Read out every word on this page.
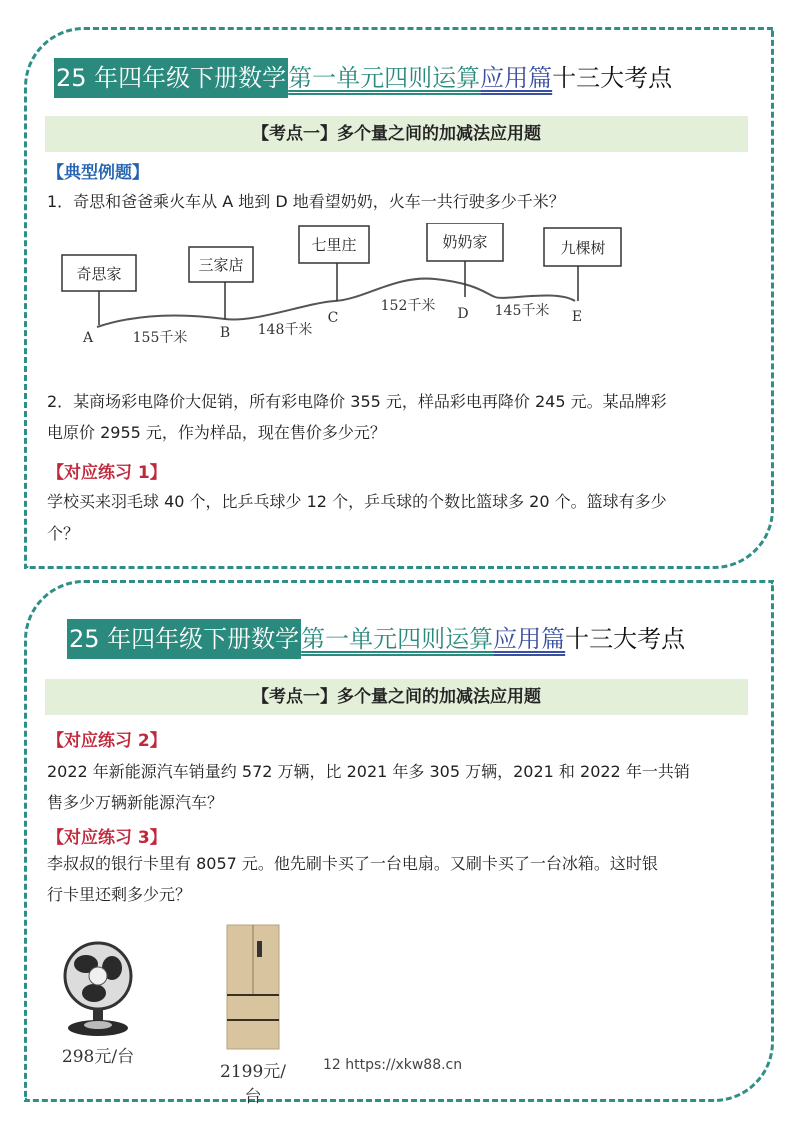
25 年四年级下册数学第一单元四则运算应用篇十三大考点
【考点一】多个量之间的加减法应用题
【典型例题】
1．奇思和爸爸乘火车从 A 地到 D 地看望奶奶，火车一共行驶多少千米？
奇思家	三家店
七里庄	奶奶家	九棵树
A	B
C	D	E
155千米	148千米
152千米	145千米
2．某商场彩电降价大促销，所有彩电降价 355 元，样品彩电再降价 245 元。某品牌彩
电原价 2955 元，作为样品，现在售价多少元？
【对应练习 1】
学校买来羽毛球 40 个，比乒乓球少 12 个，乒乓球的个数比篮球多 20 个。篮球有多少
个？
25 年四年级下册数学第一单元四则运算应用篇十三大考点
【考点一】多个量之间的加减法应用题
【对应练习 2】
2022 年新能源汽车销量约 572 万辆，比 2021 年多 305 万辆，2021 和 2022 年一共销
售多少万辆新能源汽车？
【对应练习 3】
李叔叔的银行卡里有 8057 元。他先刷卡买了一台电扇。又刷卡买了一台冰箱。这时银
行卡里还剩多少元？
298元/台
2199元/台
12 https://xkw88.cn
